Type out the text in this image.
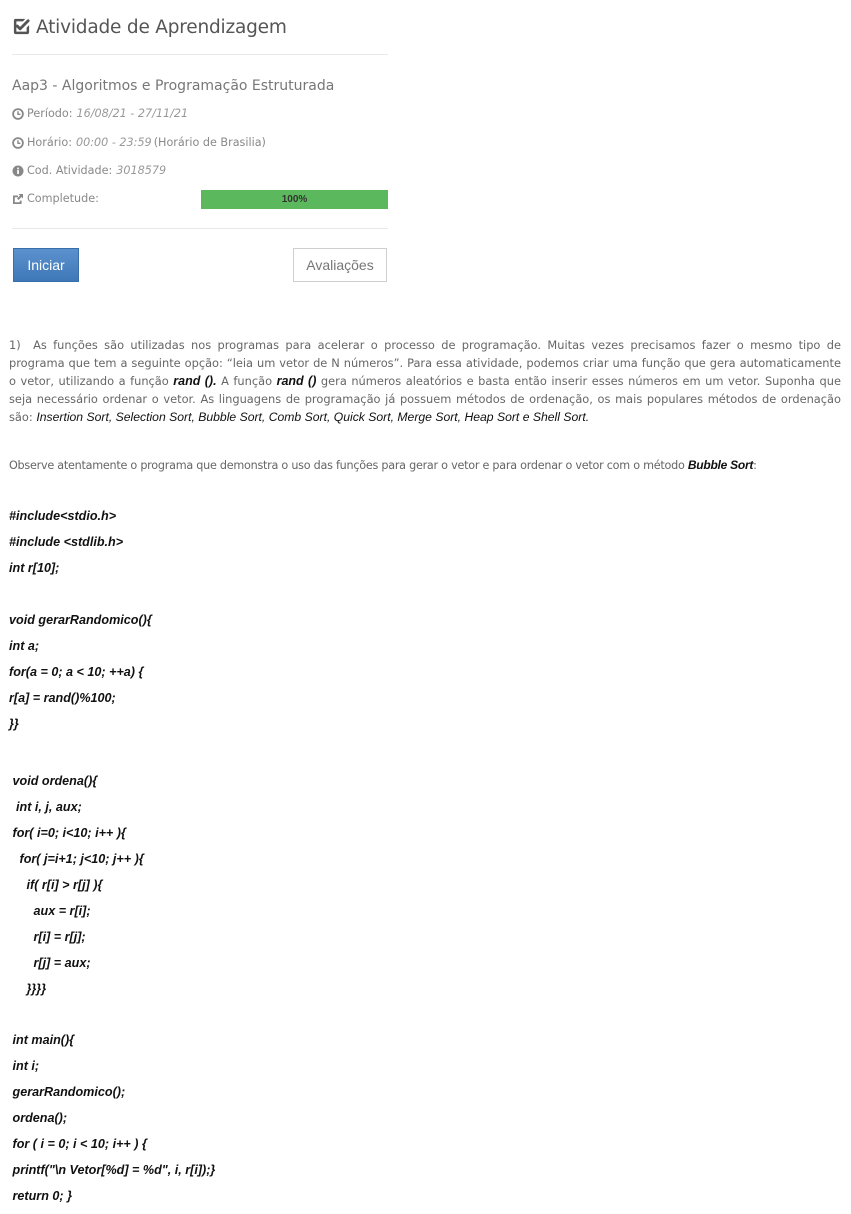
Atividade de Aprendizagem
Aap3 - Algoritmos e Programação Estruturada
Período: 16/08/21 - 27/11/21
Horário: 00:00 - 23:59 (Horário de Brasilia)
Cod. Atividade: 3018579
Completude:	100%
Iniciar	Avaliações
1) As funções são utilizadas nos programas para acelerar o processo de programação. Muitas vezes precisamos fazer o mesmo tipo de programa que tem a seguinte opção: “leia um vetor de N números”. Para essa atividade, podemos criar uma função que gera automaticamente o vetor, utilizando a função rand (). A função rand () gera números aleatórios e basta então inserir esses números em um vetor. Suponha que seja necessário ordenar o vetor. As linguagens de programação já possuem métodos de ordenação, os mais populares métodos de ordenação são: Insertion Sort, Selection Sort, Bubble Sort, Comb Sort, Quick Sort, Merge Sort, Heap Sort e Shell Sort.
Observe atentamente o programa que demonstra o uso das funções para gerar o vetor e para ordenar o vetor com o método Bubble Sort:
#include<stdio.h>
#include <stdlib.h>
int r[10];
void gerarRandomico(){
int a;
for(a = 0; a < 10; ++a) {
r[a] = rand()%100;
}}
void ordena(){
int i, j, aux;
for( i=0; i<10; i++ ){
for( j=i+1; j<10; j++ ){
if( r[i] > r[j] ){
aux = r[i];
r[i] = r[j];
r[j] = aux;
}}}}
int main(){
int i;
gerarRandomico();
ordena();
for ( i = 0; i < 10; i++ ) {
printf("\n Vetor[%d] = %d", i, r[i]);}
return 0; }
